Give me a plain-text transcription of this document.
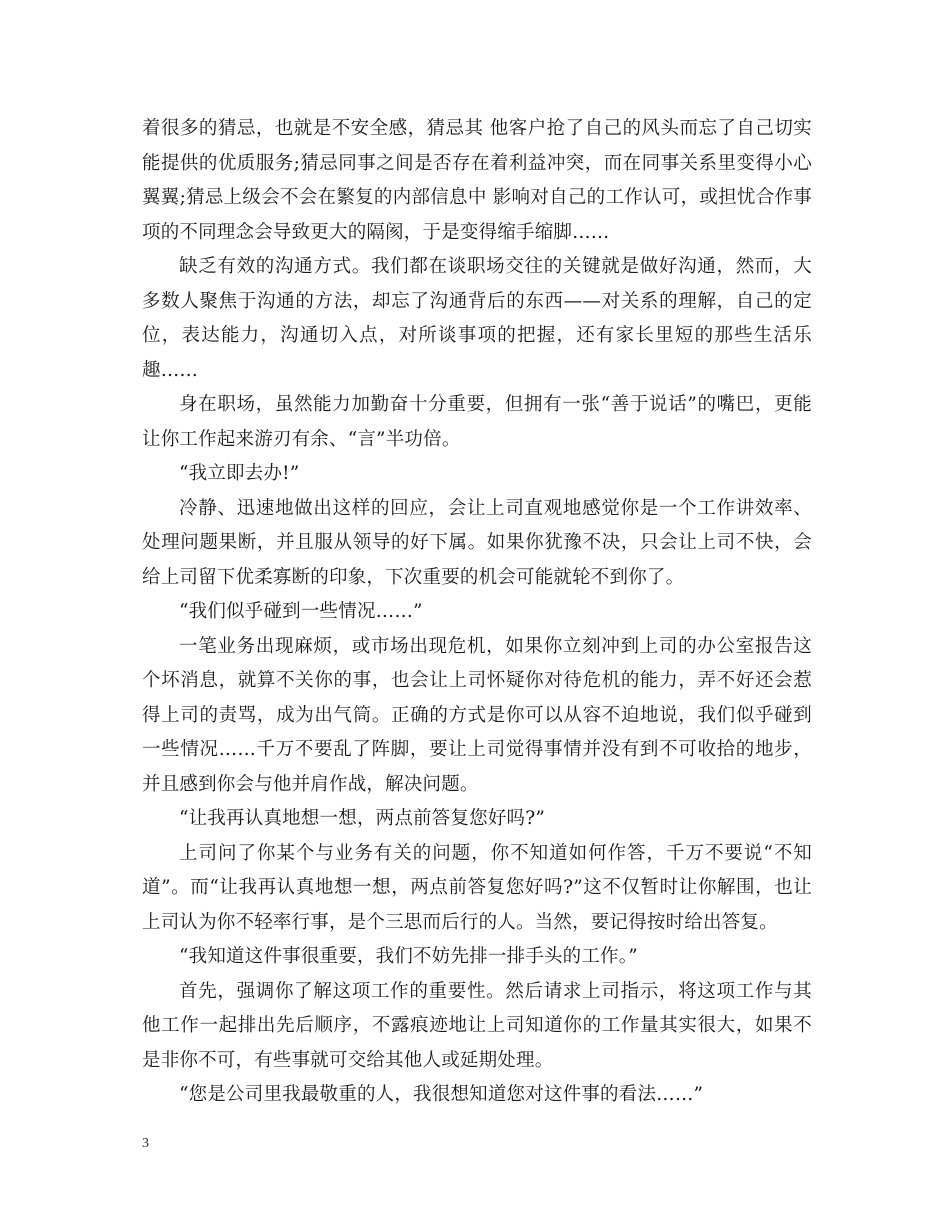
着很多的猜忌，也就是不安全感，猜忌其 他客户抢了自己的风头而忘了自己切实能提供的优质服务;猜忌同事之间是否存在着利益冲突，而在同事关系里变得小心翼翼;猜忌上级会不会在繁复的内部信息中 影响对自己的工作认可，或担忧合作事项的不同理念会导致更大的隔阂，于是变得缩手缩脚……

缺乏有效的沟通方式。我们都在谈职场交往的关键就是做好沟通，然而，大多数人聚焦于沟通的方法，却忘了沟通背后的东西——对关系的理解，自己的定位，表达能力，沟通切入点，对所谈事项的把握，还有家长里短的那些生活乐趣……

身在职场，虽然能力加勤奋十分重要，但拥有一张“善于说话”的嘴巴，更能让你工作起来游刃有余、“言”半功倍。

“我立即去办!”

冷静、迅速地做出这样的回应，会让上司直观地感觉你是一个工作讲效率、处理问题果断，并且服从领导的好下属。如果你犹豫不决，只会让上司不快，会给上司留下优柔寡断的印象，下次重要的机会可能就轮不到你了。

“我们似乎碰到一些情况……”

一笔业务出现麻烦，或市场出现危机，如果你立刻冲到上司的办公室报告这个坏消息，就算不关你的事，也会让上司怀疑你对待危机的能力，弄不好还会惹得上司的责骂，成为出气筒。正确的方式是你可以从容不迫地说，我们似乎碰到一些情况……千万不要乱了阵脚，要让上司觉得事情并没有到不可收拾的地步，并且感到你会与他并肩作战，解决问题。

“让我再认真地想一想，两点前答复您好吗?”

上司问了你某个与业务有关的问题，你不知道如何作答，千万不要说“不知道”。而“让我再认真地想一想，两点前答复您好吗?”这不仅暂时让你解围，也让上司认为你不轻率行事，是个三思而后行的人。当然，要记得按时给出答复。

“我知道这件事很重要，我们不妨先排一排手头的工作。”

首先，强调你了解这项工作的重要性。然后请求上司指示，将这项工作与其他工作一起排出先后顺序，不露痕迹地让上司知道你的工作量其实很大，如果不是非你不可，有些事就可交给其他人或延期处理。

“您是公司里我最敬重的人，我很想知道您对这件事的看法……”

3
